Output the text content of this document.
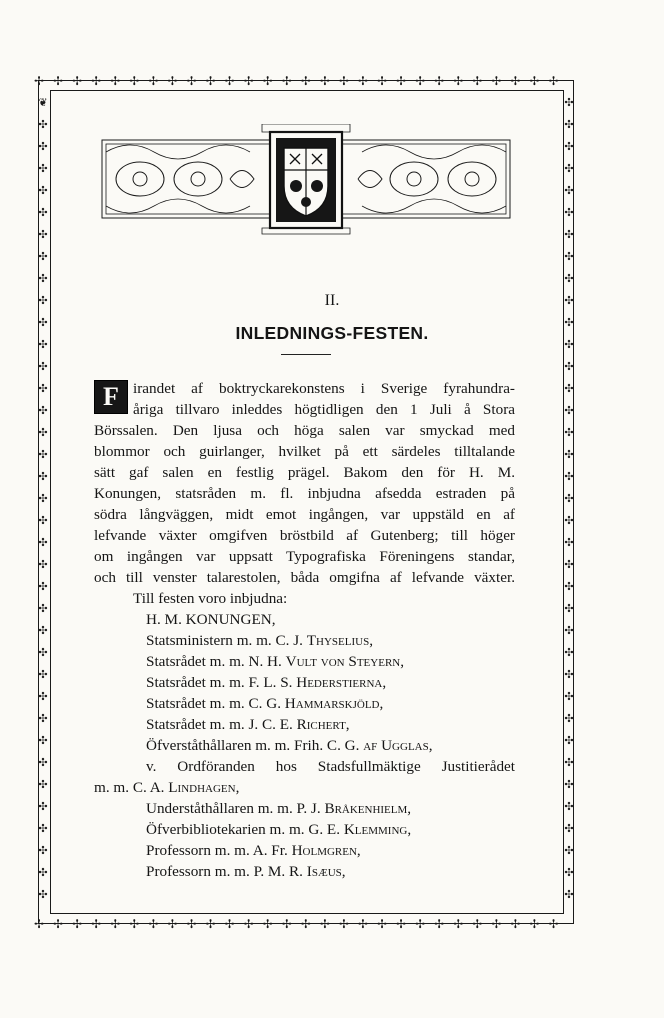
✢✢✢✢✢✢✢✢✢✢✢✢✢✢✢✢✢✢✢✢✢✢✢✢✢✢✢✢
✢✢✢✢✢✢✢✢✢✢✢✢✢✢✢✢✢✢✢✢✢✢✢✢✢✢✢✢
❦
✣
✣
✣
✣
✣
✣
✣
✣
✣
✣
✣
✣
✣
✣
✣
✣
✣
✣
✣
✣
✣
✣
✣
✣
✣
✣
✣
✣
✣
✣
✣
✣
✣
✣
✣
✣
✣
✣
✣
✣
✣
✣
✣
✣
✣
✣
✣
✣
✣
✣
✣
✣
✣
✣
✣
✣
✣
✣
✣
✣
✣
✣
✣
✣
✣
✣
✣
✣
✣
✣
✣
✣
✣
II.
INLEDNINGS-FESTEN.
F irandet af boktryckarekonstens i Sverige fyrahundra-
åriga tillvaro inleddes högtidligen den 1 Juli å Stora
Börssalen. Den ljusa och höga salen var smyckad med
blommor och guirlanger, hvilket på ett särdeles tilltalande
sätt gaf salen en festlig prägel. Bakom den för H. M.
Konungen, statsråden m. fl. inbjudna afsedda estraden på
södra långväggen, midt emot ingången, var uppstäld en af
lefvande växter omgifven bröstbild af Gutenberg; till höger
om ingången var uppsatt Typografiska Föreningens standar,
och till venster talarestolen, båda omgifna af lefvande växter.
Till festen voro inbjudna:
H. M. KONUNGEN,
Statsministern m. m. C. J. Thyselius,
Statsrådet m. m. N. H. Vult von Steyern,
Statsrådet m. m. F. L. S. Hederstierna,
Statsrådet m. m. C. G. Hammarskjöld,
Statsrådet m. m. J. C. E. Richert,
Öfverståthållaren m. m. Frih. C. G. af Ugglas,
v. Ordföranden hos Stadsfullmäktige Justitierådet
m. m. C. A. Lindhagen,
Underståthållaren m. m. P. J. Bråkenhielm,
Öfverbibliotekarien m. m. G. E. Klemming,
Professorn m. m. A. Fr. Holmgren,
Professorn m. m. P. M. R. Isæus,
